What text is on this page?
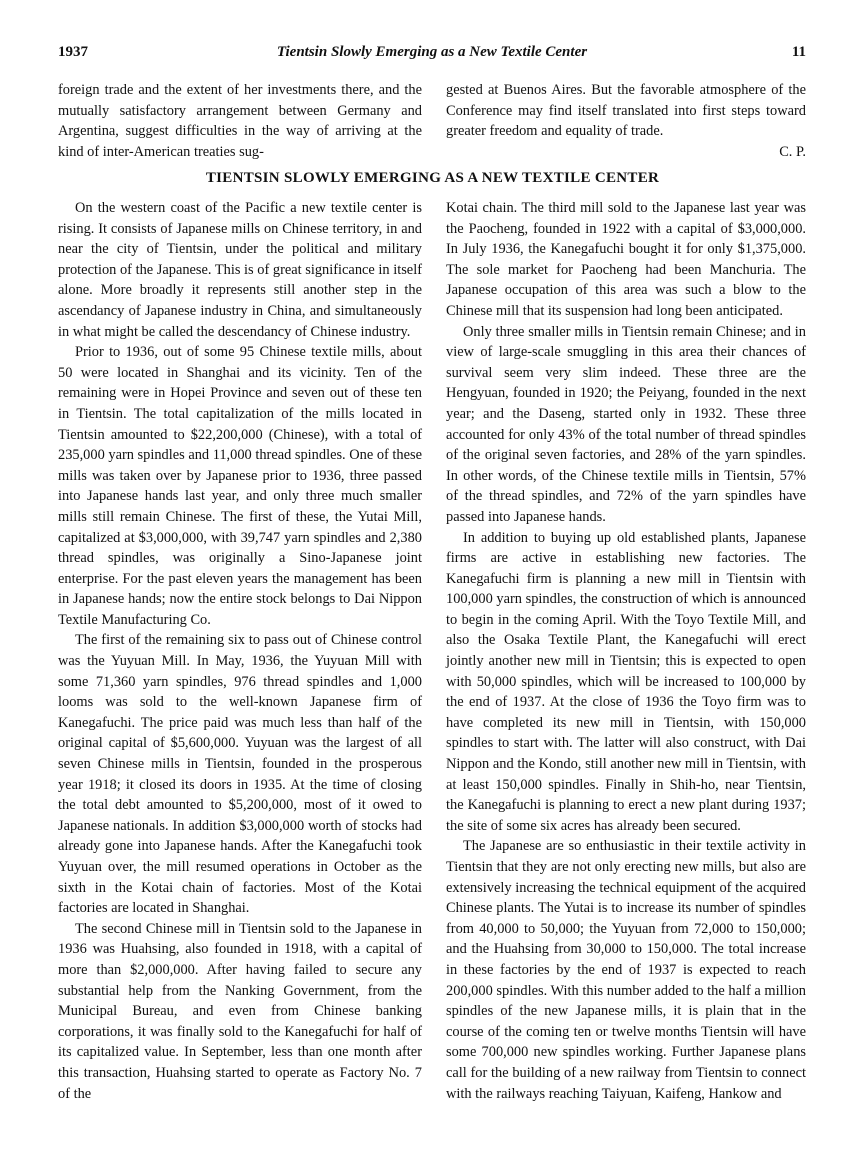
1937	Tientsin Slowly Emerging as a New Textile Center	11

foreign trade and the extent of her investments there, and the mutually satisfactory arrangement between Germany and Argentina, suggest difficulties in the way of arriving at the kind of inter-American treaties sug-

gested at Buenos Aires. But the favorable atmosphere of the Conference may find itself translated into first steps toward greater freedom and equality of trade.

C. P.

TIENTSIN SLOWLY EMERGING AS A NEW TEXTILE CENTER

On the western coast of the Pacific a new textile center is rising. It consists of Japanese mills on Chinese territory, in and near the city of Tientsin, under the political and military protection of the Japanese. This is of great significance in itself alone. More broadly it represents still another step in the ascendancy of Japanese industry in China, and simultaneously in what might be called the descendancy of Chinese industry.

Prior to 1936, out of some 95 Chinese textile mills, about 50 were located in Shanghai and its vicinity. Ten of the remaining were in Hopei Province and seven out of these ten in Tientsin. The total capitalization of the mills located in Tientsin amounted to $22,200,000 (Chinese), with a total of 235,000 yarn spindles and 11,000 thread spindles. One of these mills was taken over by Japanese prior to 1936, three passed into Japanese hands last year, and only three much smaller mills still remain Chinese. The first of these, the Yutai Mill, capitalized at $3,000,000, with 39,747 yarn spindles and 2,380 thread spindles, was originally a Sino-Japanese joint enterprise. For the past eleven years the management has been in Japanese hands; now the entire stock belongs to Dai Nippon Textile Manufacturing Co.

The first of the remaining six to pass out of Chinese control was the Yuyuan Mill. In May, 1936, the Yuyuan Mill with some 71,360 yarn spindles, 976 thread spindles and 1,000 looms was sold to the well-known Japanese firm of Kanegafuchi. The price paid was much less than half of the original capital of $5,600,000. Yuyuan was the largest of all seven Chinese mills in Tientsin, founded in the prosperous year 1918; it closed its doors in 1935. At the time of closing the total debt amounted to $5,200,000, most of it owed to Japanese nationals. In addition $3,000,000 worth of stocks had already gone into Japanese hands. After the Kanegafuchi took Yuyuan over, the mill resumed operations in October as the sixth in the Kotai chain of factories. Most of the Kotai factories are located in Shanghai.

The second Chinese mill in Tientsin sold to the Japanese in 1936 was Huahsing, also founded in 1918, with a capital of more than $2,000,000. After having failed to secure any substantial help from the Nanking Government, from the Municipal Bureau, and even from Chinese banking corporations, it was finally sold to the Kanegafuchi for half of its capitalized value. In September, less than one month after this transaction, Huahsing started to operate as Factory No. 7 of the

Kotai chain. The third mill sold to the Japanese last year was the Paocheng, founded in 1922 with a capital of $3,000,000. In July 1936, the Kanegafuchi bought it for only $1,375,000. The sole market for Paocheng had been Manchuria. The Japanese occupation of this area was such a blow to the Chinese mill that its suspension had long been anticipated.

Only three smaller mills in Tientsin remain Chinese; and in view of large-scale smuggling in this area their chances of survival seem very slim indeed. These three are the Hengyuan, founded in 1920; the Peiyang, founded in the next year; and the Daseng, started only in 1932. These three accounted for only 43% of the total number of thread spindles of the original seven factories, and 28% of the yarn spindles. In other words, of the Chinese textile mills in Tientsin, 57% of the thread spindles, and 72% of the yarn spindles have passed into Japanese hands.

In addition to buying up old established plants, Japanese firms are active in establishing new factories. The Kanegafuchi firm is planning a new mill in Tientsin with 100,000 yarn spindles, the construction of which is announced to begin in the coming April. With the Toyo Textile Mill, and also the Osaka Textile Plant, the Kanegafuchi will erect jointly another new mill in Tientsin; this is expected to open with 50,000 spindles, which will be increased to 100,000 by the end of 1937. At the close of 1936 the Toyo firm was to have completed its new mill in Tientsin, with 150,000 spindles to start with. The latter will also construct, with Dai Nippon and the Kondo, still another new mill in Tientsin, with at least 150,000 spindles. Finally in Shih-ho, near Tientsin, the Kanegafuchi is planning to erect a new plant during 1937; the site of some six acres has already been secured.

The Japanese are so enthusiastic in their textile activity in Tientsin that they are not only erecting new mills, but also are extensively increasing the technical equipment of the acquired Chinese plants. The Yutai is to increase its number of spindles from 40,000 to 50,000; the Yuyuan from 72,000 to 150,000; and the Huahsing from 30,000 to 150,000. The total increase in these factories by the end of 1937 is expected to reach 200,000 spindles. With this number added to the half a million spindles of the new Japanese mills, it is plain that in the course of the coming ten or twelve months Tientsin will have some 700,000 new spindles working. Further Japanese plans call for the building of a new railway from Tientsin to connect with the railways reaching Taiyuan, Kaifeng, Hankow and
